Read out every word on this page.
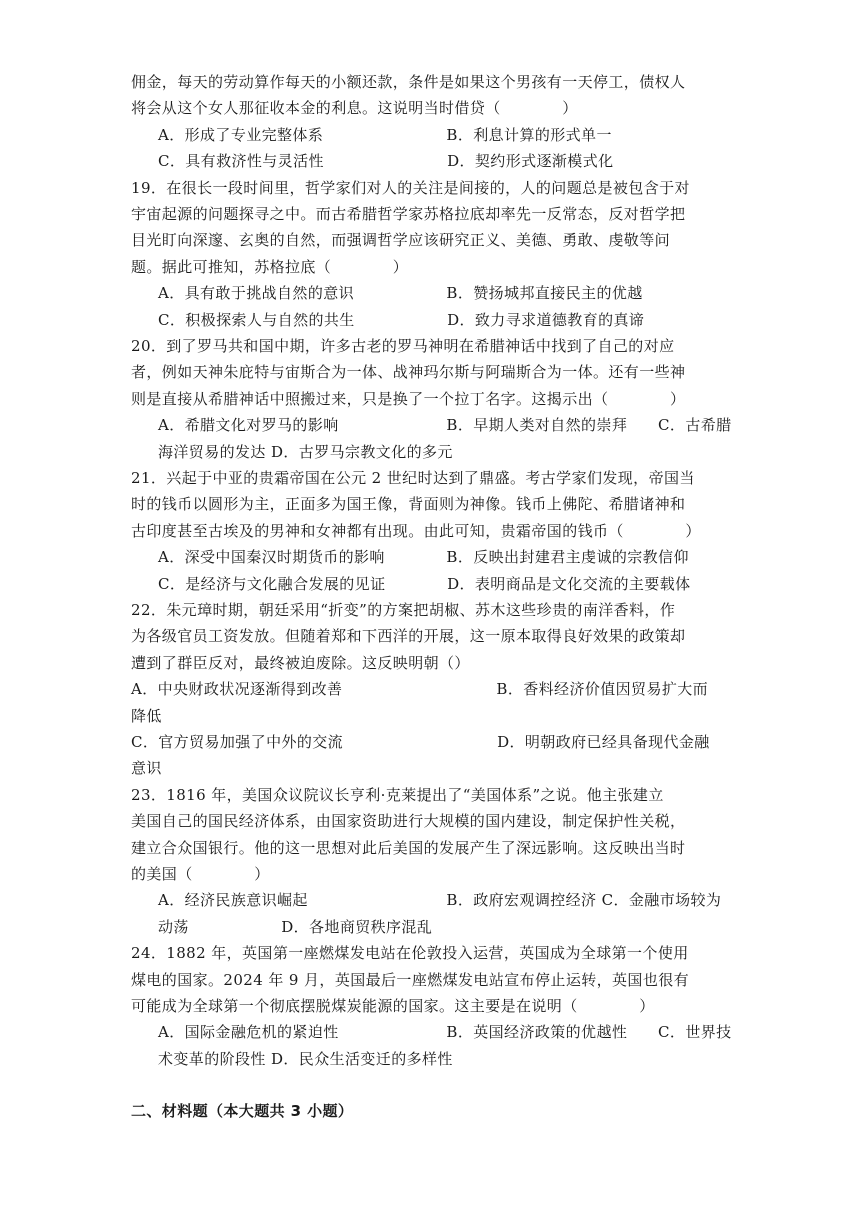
佣金，每天的劳动算作每天的小额还款，条件是如果这个男孩有一天停工，债权人
将会从这个女人那征收本金的利息。这说明当时借贷（　　　　）
A．形成了专业完整体系　　　　　　　　B．利息计算的形式单一
C．具有救济性与灵活性　　　　　　　　D．契约形式逐渐模式化
19．在很长一段时间里，哲学家们对人的关注是间接的，人的问题总是被包含于对
宇宙起源的问题探寻之中。而古希腊哲学家苏格拉底却率先一反常态，反对哲学把
目光盯向深邃、玄奥的自然，而强调哲学应该研究正义、美德、勇敢、虔敬等问
题。据此可推知，苏格拉底（　　　　）
A．具有敢于挑战自然的意识　　　　　　B．赞扬城邦直接民主的优越
C．积极探索人与自然的共生　　　　　　D．致力寻求道德教育的真谛
20．到了罗马共和国中期，许多古老的罗马神明在希腊神话中找到了自己的对应
者，例如天神朱庇特与宙斯合为一体、战神玛尔斯与阿瑞斯合为一体。还有一些神
则是直接从希腊神话中照搬过来，只是换了一个拉丁名字。这揭示出（　　　　）
A．希腊文化对罗马的影响　　　　　　　B．早期人类对自然的崇拜　　C．古希腊
海洋贸易的发达 D．古罗马宗教文化的多元
21．兴起于中亚的贵霜帝国在公元 2 世纪时达到了鼎盛。考古学家们发现，帝国当
时的钱币以圆形为主，正面多为国王像，背面则为神像。钱币上佛陀、希腊诸神和
古印度甚至古埃及的男神和女神都有出现。由此可知，贵霜帝国的钱币（　　　　）
A．深受中国秦汉时期货币的影响　　　　B．反映出封建君主虔诚的宗教信仰
C．是经济与文化融合发展的见证　　　　D．表明商品是文化交流的主要载体
22．朱元璋时期，朝廷采用“折变”的方案把胡椒、苏木这些珍贵的南洋香料，作
为各级官员工资发放。但随着郑和下西洋的开展，这一原本取得良好效果的政策却
遭到了群臣反对，最终被迫废除。这反映明朝（）
A．中央财政状况逐渐得到改善　　　　　　　　　　B．香料经济价值因贸易扩大而
降低
C．官方贸易加强了中外的交流　　　　　　　　　　D．明朝政府已经具备现代金融
意识
23．1816 年，美国众议院议长亨利·克莱提出了“美国体系”之说。他主张建立
美国自己的国民经济体系，由国家资助进行大规模的国内建设，制定保护性关税，
建立合众国银行。他的这一思想对此后美国的发展产生了深远影响。这反映出当时
的美国（　　　　）
A．经济民族意识崛起　　　　　　　　　B．政府宏观调控经济 C．金融市场较为
动荡　　　　　　D．各地商贸秩序混乱
24．1882 年，英国第一座燃煤发电站在伦敦投入运营，英国成为全球第一个使用
煤电的国家。2024 年 9 月，英国最后一座燃煤发电站宣布停止运转，英国也很有
可能成为全球第一个彻底摆脱煤炭能源的国家。这主要是在说明（　　　　）
A．国际金融危机的紧迫性　　　　　　　B．英国经济政策的优越性　　C．世界技
术变革的阶段性 D．民众生活变迁的多样性
二、材料题（本大题共 3 小题）
